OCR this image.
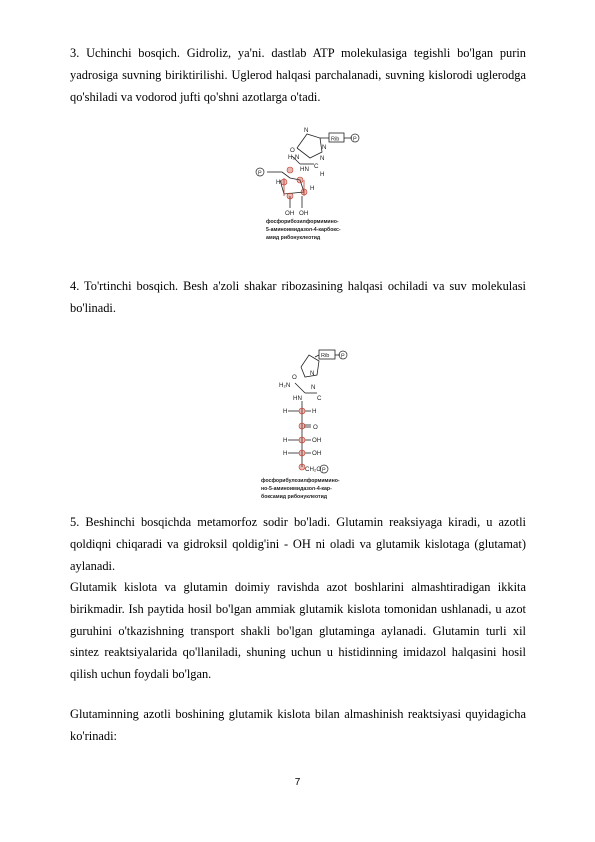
3. Uchinchi bosqich. Gidroliz, ya'ni. dastlab ATP molekulasiga tegishli bo'lgan purin yadrosiga suvning biriktirilishi. Uglerod halqasi parchalanadi, suvning kislorodi uglerodga qo'shiladi va vodorod jufti qo'shni azotlarga o'tadi.

Rib P
P
N
N
N
O
H₂N
HN C
H
H
H
OH OH
фосфорибозилформимино-
5-аминоимидазол-4-карбокс-
амид рибонуклеотид

4. To'rtinchi bosqich. Besh a'zoli shakar ribozasining halqasi ochiladi va suv molekulasi bo'linadi.

Rib P
P
N
N
O
H₂N
HN C
H	H
O
H	OH
H	OH
CH₂O
фосфорибулозилформимино-
но-5-аминоимидазол-4-кар-
боксамид рибонуклеотид

5. Beshinchi bosqichda metamorfoz sodir bo'ladi. Glutamin reaksiyaga kiradi, u azotli qoldiqni chiqaradi va gidroksil qoldig'ini - OH ni oladi va glutamik kislotaga (glutamat) aylanadi.

Glutamik kislota va glutamin doimiy ravishda azot boshlarini almashtiradigan ikkita birikmadir. Ish paytida hosil bo'lgan ammiak glutamik kislota tomonidan ushlanadi, u azot guruhini o'tkazishning transport shakli bo'lgan glutaminga aylanadi. Glutamin turli xil sintez reaktsiyalarida qo'llaniladi, shuning uchun u histidinning imidazol halqasini hosil qilish uchun foydali bo'lgan.

Glutaminning azotli boshining glutamik kislota bilan almashinish reaktsiyasi quyidagicha ko'rinadi:

7
